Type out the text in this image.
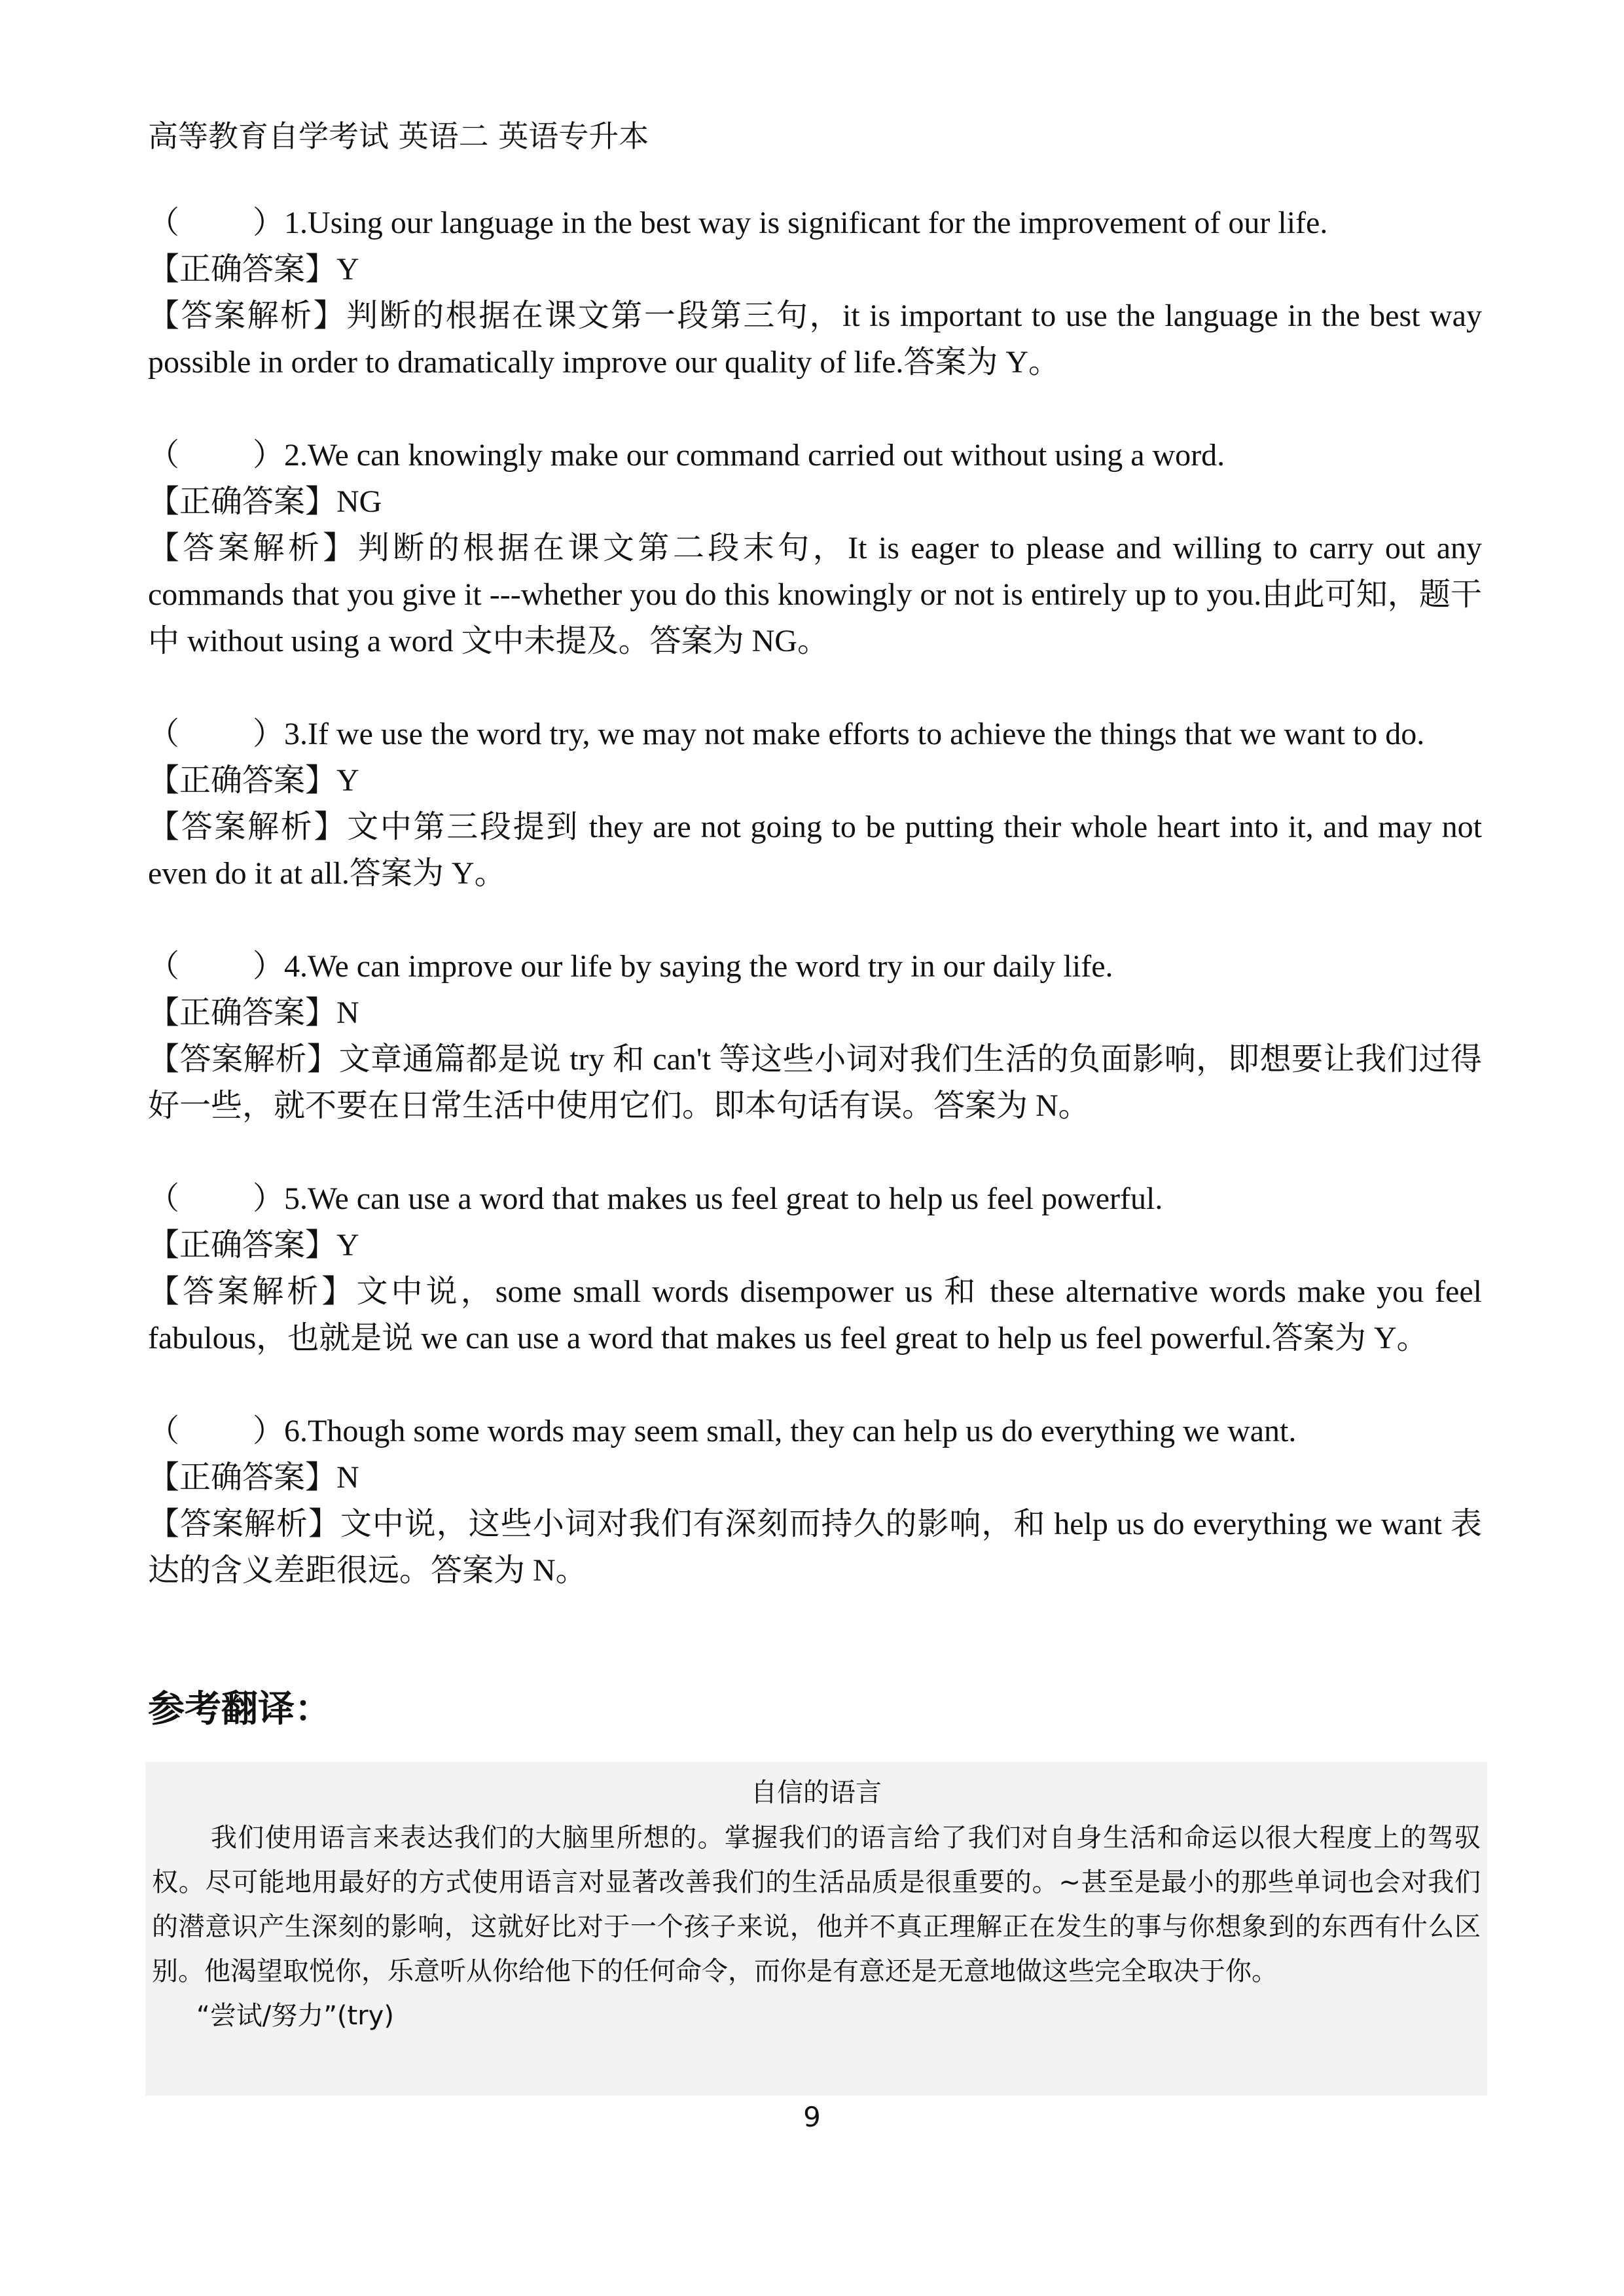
高等教育自学考试 英语二 英语专升本

（ ）1.Using our language in the best way is significant for the improvement of our life.

【正确答案】Y

【答案解析】判断的根据在课文第一段第三句，it is important to use the language in the best way possible in order to dramatically improve our quality of life.答案为 Y。

（ ）2.We can knowingly make our command carried out without using a word.

【正确答案】NG

【答案解析】判断的根据在课文第二段末句，It is eager to please and willing to carry out any commands that you give it ---whether you do this knowingly or not is entirely up to you.由此可知，题干中 without using a word 文中未提及。答案为 NG。

（ ）3.If we use the word try, we may not make efforts to achieve the things that we want to do.

【正确答案】Y

【答案解析】文中第三段提到 they are not going to be putting their whole heart into it, and may not even do it at all.答案为 Y。

（ ）4.We can improve our life by saying the word try in our daily life.

【正确答案】N

【答案解析】文章通篇都是说 try 和 can't 等这些小词对我们生活的负面影响，即想要让我们过得好一些，就不要在日常生活中使用它们。即本句话有误。答案为 N。

（ ）5.We can use a word that makes us feel great to help us feel powerful.

【正确答案】Y

【答案解析】文中说，some small words disempower us 和 these alternative words make you feel fabulous，也就是说 we can use a word that makes us feel great to help us feel powerful.答案为 Y。

（ ）6.Though some words may seem small, they can help us do everything we want.

【正确答案】N

【答案解析】文中说，这些小词对我们有深刻而持久的影响，和 help us do everything we want 表达的含义差距很远。答案为 N。

参考翻译：

自信的语言

我们使用语言来表达我们的大脑里所想的。掌握我们的语言给了我们对自身生活和命运以很大程度上的驾驭权。尽可能地用最好的方式使用语言对显著改善我们的生活品质是很重要的。~甚至是最小的那些单词也会对我们的潜意识产生深刻的影响，这就好比对于一个孩子来说，他并不真正理解正在发生的事与你想象到的东西有什么区别。他渴望取悦你，乐意听从你给他下的任何命令，而你是有意还是无意地做这些完全取决于你。

“尝试/努力”(try)

9
